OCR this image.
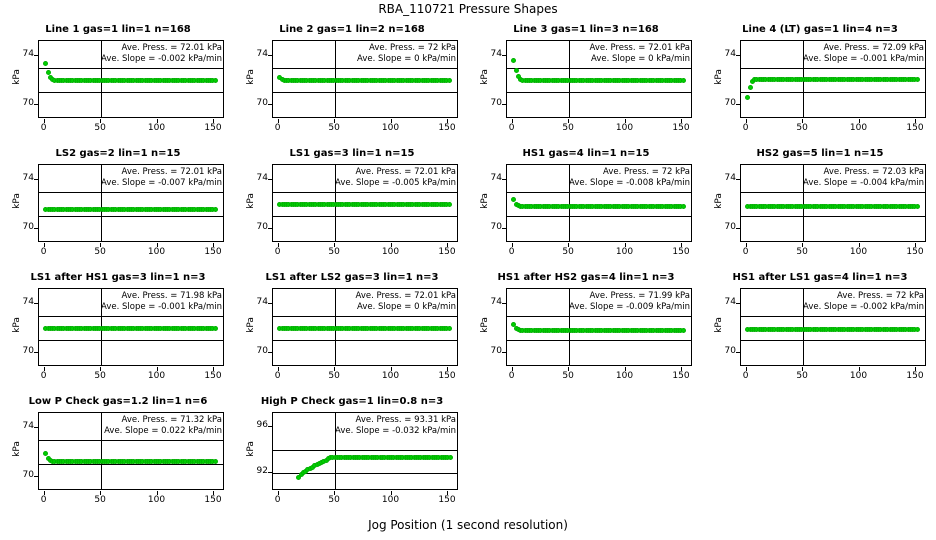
RBA_110721 Pressure Shapes
Line 1 gas=1 lin=1 n=168
Ave. Press. = 72.01 kPa
Ave. Slope = -0.002 kPa/min
kPa
70
74
0	50	100	150
Line 2 gas=1 lin=2 n=168
Ave. Press. = 72 kPa
Ave. Slope = 0 kPa/min
kPa
70
74
0	50	100	150
Line 3 gas=1 lin=3 n=168
Ave. Press. = 72.01 kPa
Ave. Slope = 0 kPa/min
kPa
70
74
0	50	100	150
Line 4 (LT) gas=1 lin=4 n=3
Ave. Press. = 72.09 kPa
Ave. Slope = -0.001 kPa/min
kPa
70
74
0	50	100	150
LS2 gas=2 lin=1 n=15
Ave. Press. = 72.01 kPa
Ave. Slope = -0.007 kPa/min
kPa
70
74
0	50	100	150
LS1 gas=3 lin=1 n=15
Ave. Press. = 72.01 kPa
Ave. Slope = -0.005 kPa/min
kPa
70
74
0	50	100	150
HS1 gas=4 lin=1 n=15
Ave. Press. = 72 kPa
Ave. Slope = -0.008 kPa/min
kPa
70
74
0	50	100	150
HS2 gas=5 lin=1 n=15
Ave. Press. = 72.03 kPa
Ave. Slope = -0.004 kPa/min
kPa
70
74
0	50	100	150
LS1 after HS1 gas=3 lin=1 n=3
Ave. Press. = 71.98 kPa
Ave. Slope = -0.001 kPa/min
kPa
70
74
0	50	100	150
LS1 after LS2 gas=3 lin=1 n=3
Ave. Press. = 72.01 kPa
Ave. Slope = 0 kPa/min
kPa
70
74
0	50	100	150
HS1 after HS2 gas=4 lin=1 n=3
Ave. Press. = 71.99 kPa
Ave. Slope = -0.009 kPa/min
kPa
70
74
0	50	100	150
HS1 after LS1 gas=4 lin=1 n=3
Ave. Press. = 72 kPa
Ave. Slope = -0.002 kPa/min
kPa
70
74
0	50	100	150
Low P Check gas=1.2 lin=1 n=6
Ave. Press. = 71.32 kPa
Ave. Slope = 0.022 kPa/min
kPa
70
74
0	50	100	150
High P Check gas=1 lin=0.8 n=3
Ave. Press. = 93.31 kPa
Ave. Slope = -0.032 kPa/min
kPa
92
96
0	50	100	150
Jog Position (1 second resolution)
